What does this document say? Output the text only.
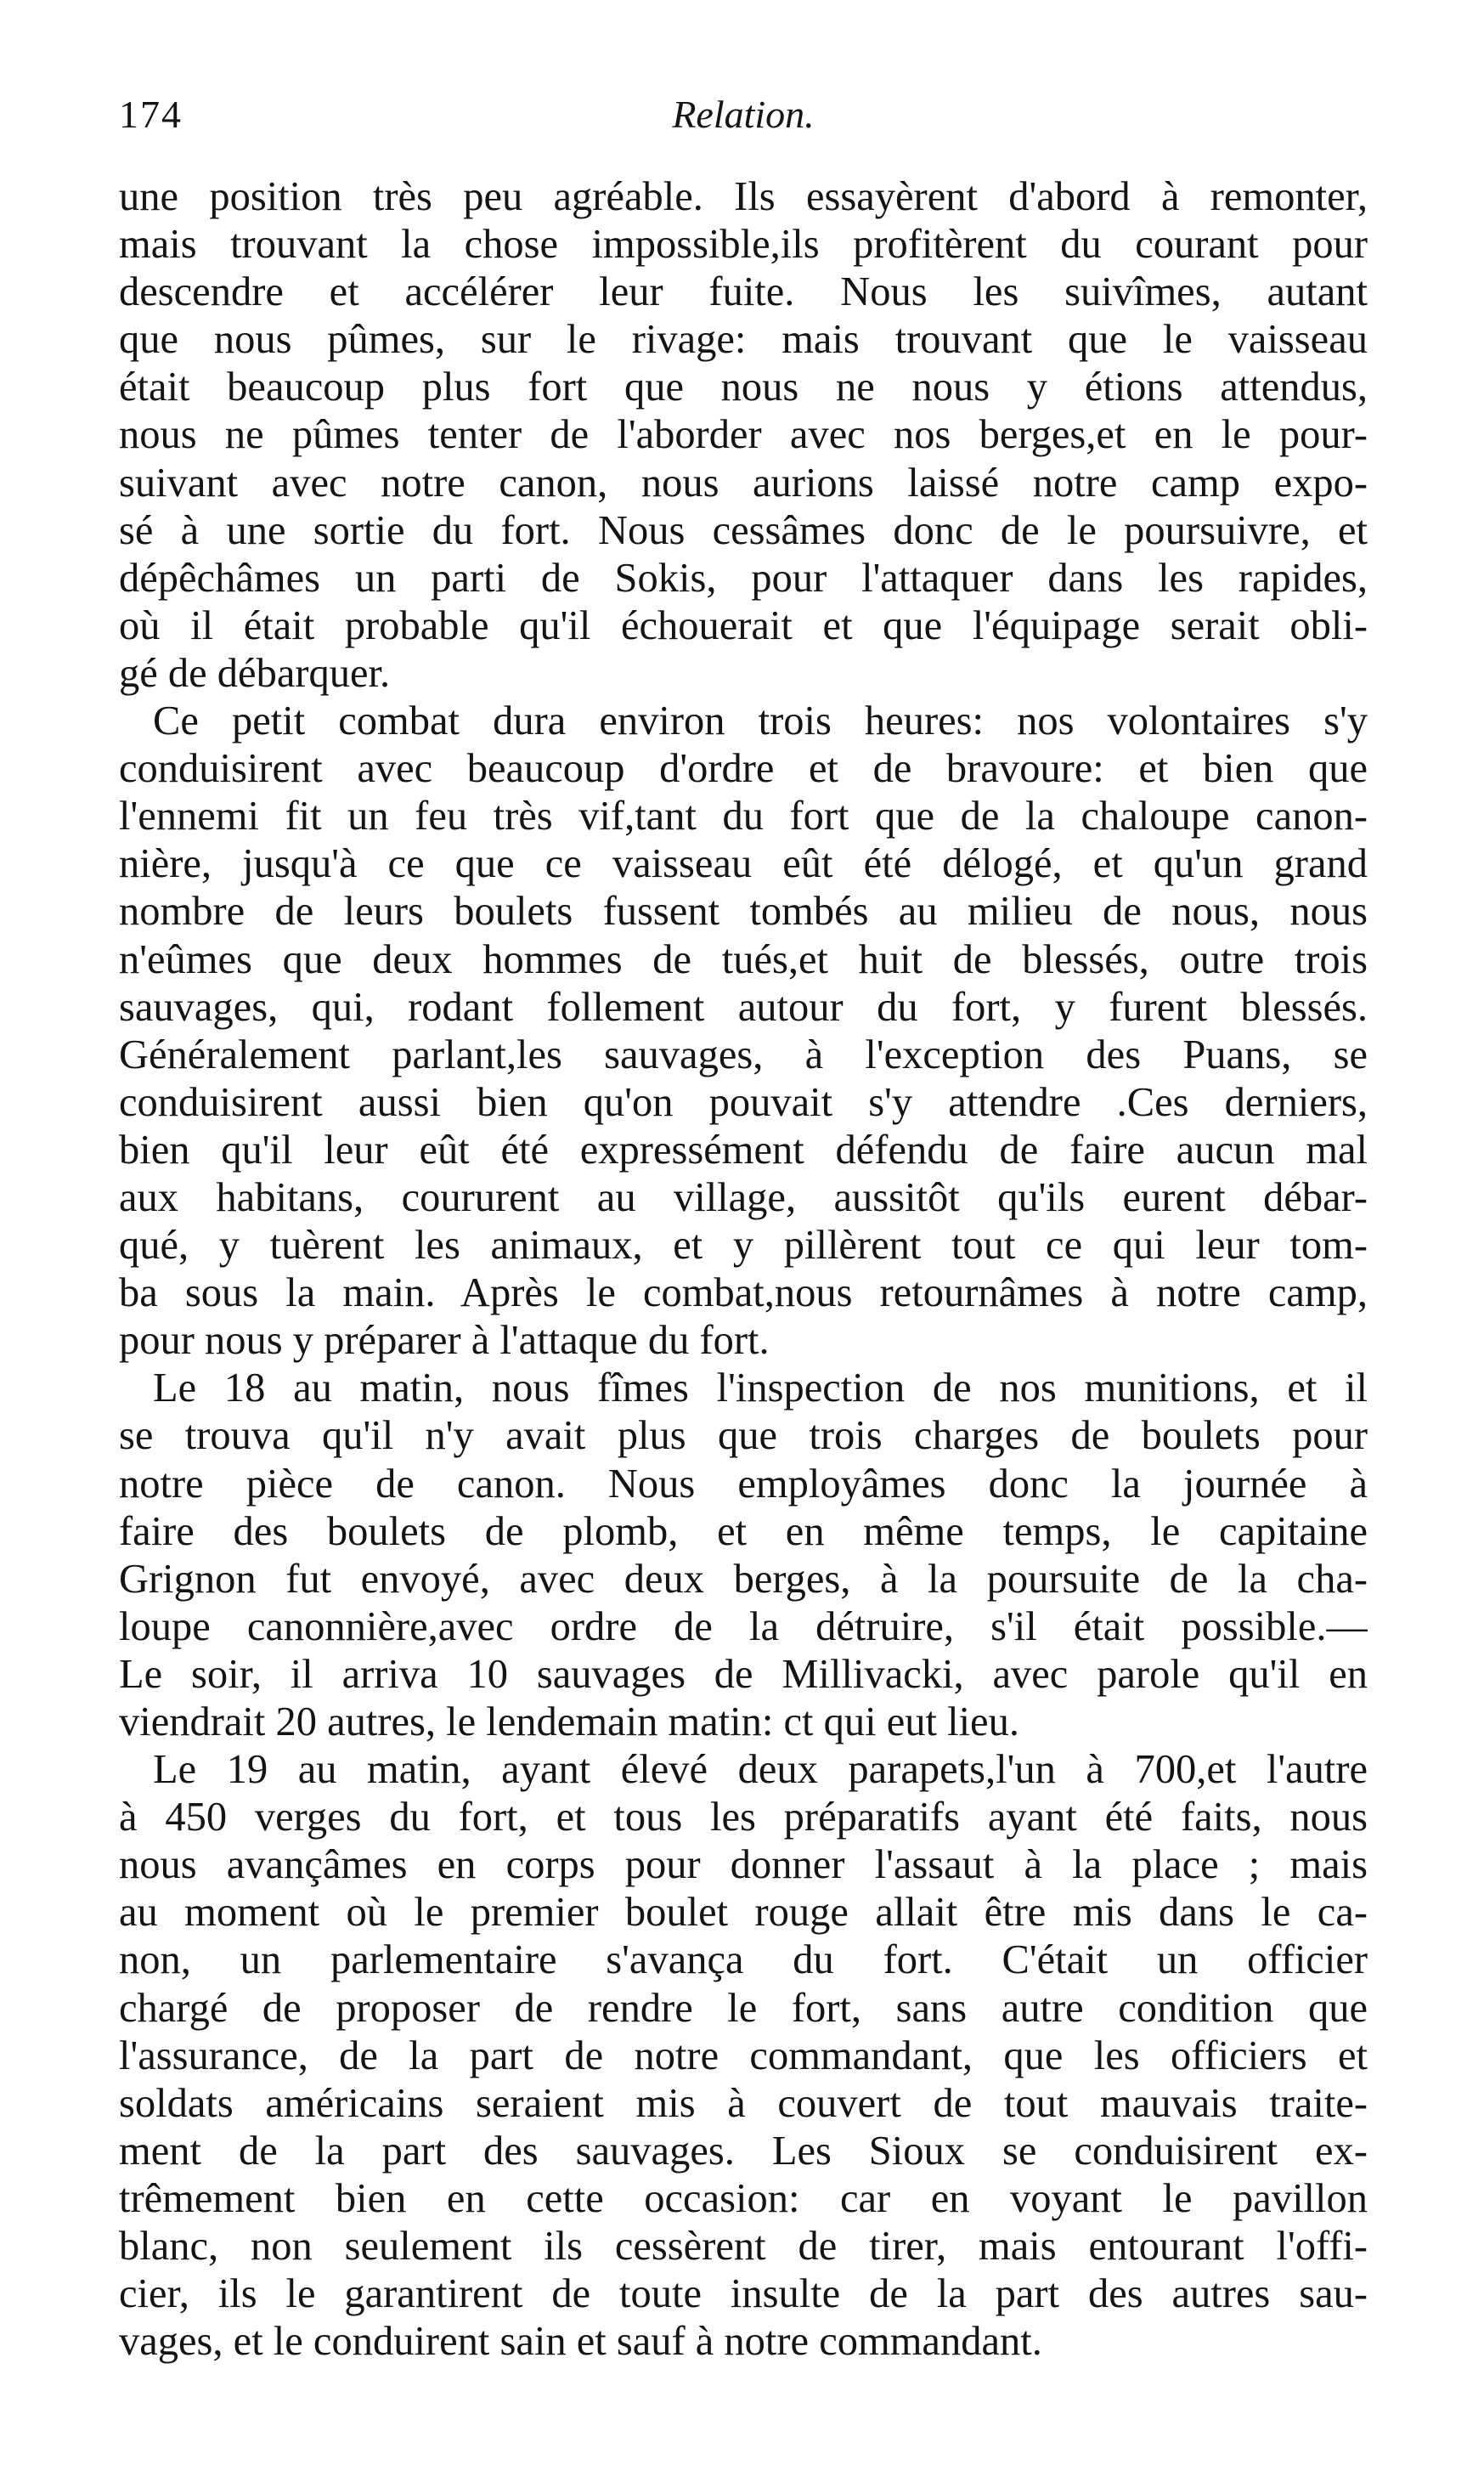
174	Relation.
une position très peu agréable. Ils essayèrent d'abord à remonter,
mais trouvant la chose impossible,ils profitèrent du courant pour
descendre et accélérer leur fuite. Nous les suivîmes, autant
que nous pûmes, sur le rivage: mais trouvant que le vaisseau
était beaucoup plus fort que nous ne nous y étions attendus,
nous ne pûmes tenter de l'aborder avec nos berges,et en le pour-
suivant avec notre canon, nous aurions laissé notre camp expo-
sé à une sortie du fort. Nous cessâmes donc de le poursuivre, et
dépêchâmes un parti de Sokis, pour l'attaquer dans les rapides,
où il était probable qu'il échouerait et que l'équipage serait obli-
gé de débarquer.
Ce petit combat dura environ trois heures: nos volontaires s'y
conduisirent avec beaucoup d'ordre et de bravoure: et bien que
l'ennemi fit un feu très vif,tant du fort que de la chaloupe canon-
nière, jusqu'à ce que ce vaisseau eût été délogé, et qu'un grand
nombre de leurs boulets fussent tombés au milieu de nous, nous
n'eûmes que deux hommes de tués,et huit de blessés, outre trois
sauvages, qui, rodant follement autour du fort, y furent blessés.
Généralement parlant,les sauvages, à l'exception des Puans, se
conduisirent aussi bien qu'on pouvait s'y attendre .Ces derniers,
bien qu'il leur eût été expressément défendu de faire aucun mal
aux habitans, coururent au village, aussitôt qu'ils eurent débar-
qué, y tuèrent les animaux, et y pillèrent tout ce qui leur tom-
ba sous la main. Après le combat,nous retournâmes à notre camp,
pour nous y préparer à l'attaque du fort.
Le 18 au matin, nous fîmes l'inspection de nos munitions, et il
se trouva qu'il n'y avait plus que trois charges de boulets pour
notre pièce de canon. Nous employâmes donc la journée à
faire des boulets de plomb, et en même temps, le capitaine
Grignon fut envoyé, avec deux berges, à la poursuite de la cha-
loupe canonnière,avec ordre de la détruire, s'il était possible.—
Le soir, il arriva 10 sauvages de Millivacki, avec parole qu'il en
viendrait 20 autres, le lendemain matin: ct qui eut lieu.
Le 19 au matin, ayant élevé deux parapets,l'un à 700,et l'autre
à 450 verges du fort, et tous les préparatifs ayant été faits, nous
nous avançâmes en corps pour donner l'assaut à la place ; mais
au moment où le premier boulet rouge allait être mis dans le ca-
non, un parlementaire s'avança du fort. C'était un officier
chargé de proposer de rendre le fort, sans autre condition que
l'assurance, de la part de notre commandant, que les officiers et
soldats américains seraient mis à couvert de tout mauvais traite-
ment de la part des sauvages. Les Sioux se conduisirent ex-
trêmement bien en cette occasion: car en voyant le pavillon
blanc, non seulement ils cessèrent de tirer, mais entourant l'offi-
cier, ils le garantirent de toute insulte de la part des autres sau-
vages, et le conduirent sain et sauf à notre commandant.
